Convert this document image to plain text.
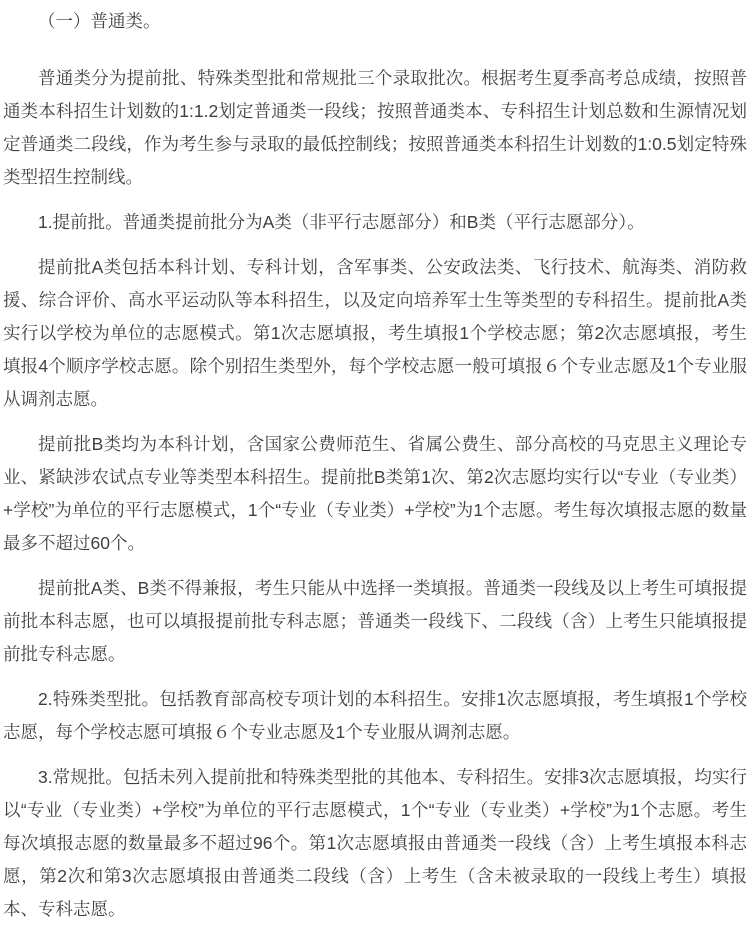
（一）普通类。

普通类分为提前批、特殊类型批和常规批三个录取批次。根据考生夏季高考总成绩，按照普通类本科招生计划数的1:1.2划定普通类一段线；按照普通类本、专科招生计划总数和生源情况划定普通类二段线，作为考生参与录取的最低控制线；按照普通类本科招生计划数的1:0.5划定特殊类型招生控制线。

1.提前批。普通类提前批分为A类（非平行志愿部分）和B类（平行志愿部分）。

提前批A类包括本科计划、专科计划，含军事类、公安政法类、飞行技术、航海类、消防救援、综合评价、高水平运动队等本科招生，以及定向培养军士生等类型的专科招生。提前批A类实行以学校为单位的志愿模式。第1次志愿填报，考生填报1个学校志愿；第2次志愿填报，考生填报4个顺序学校志愿。除个别招生类型外，每个学校志愿一般可填报６个专业志愿及1个专业服从调剂志愿。

提前批B类均为本科计划，含国家公费师范生、省属公费生、部分高校的马克思主义理论专业、紧缺涉农试点专业等类型本科招生。提前批B类第1次、第2次志愿均实行以“专业（专业类）+学校”为单位的平行志愿模式，1个“专业（专业类）+学校”为1个志愿。考生每次填报志愿的数量最多不超过60个。

提前批A类、B类不得兼报，考生只能从中选择一类填报。普通类一段线及以上考生可填报提前批本科志愿，也可以填报提前批专科志愿；普通类一段线下、二段线（含）上考生只能填报提前批专科志愿。

2.特殊类型批。包括教育部高校专项计划的本科招生。安排1次志愿填报，考生填报1个学校志愿，每个学校志愿可填报６个专业志愿及1个专业服从调剂志愿。

3.常规批。包括未列入提前批和特殊类型批的其他本、专科招生。安排3次志愿填报，均实行以“专业（专业类）+学校”为单位的平行志愿模式，1个“专业（专业类）+学校”为1个志愿。考生每次填报志愿的数量最多不超过96个。第1次志愿填报由普通类一段线（含）上考生填报本科志愿，第2次和第3次志愿填报由普通类二段线（含）上考生（含未被录取的一段线上考生）填报本、专科志愿。
